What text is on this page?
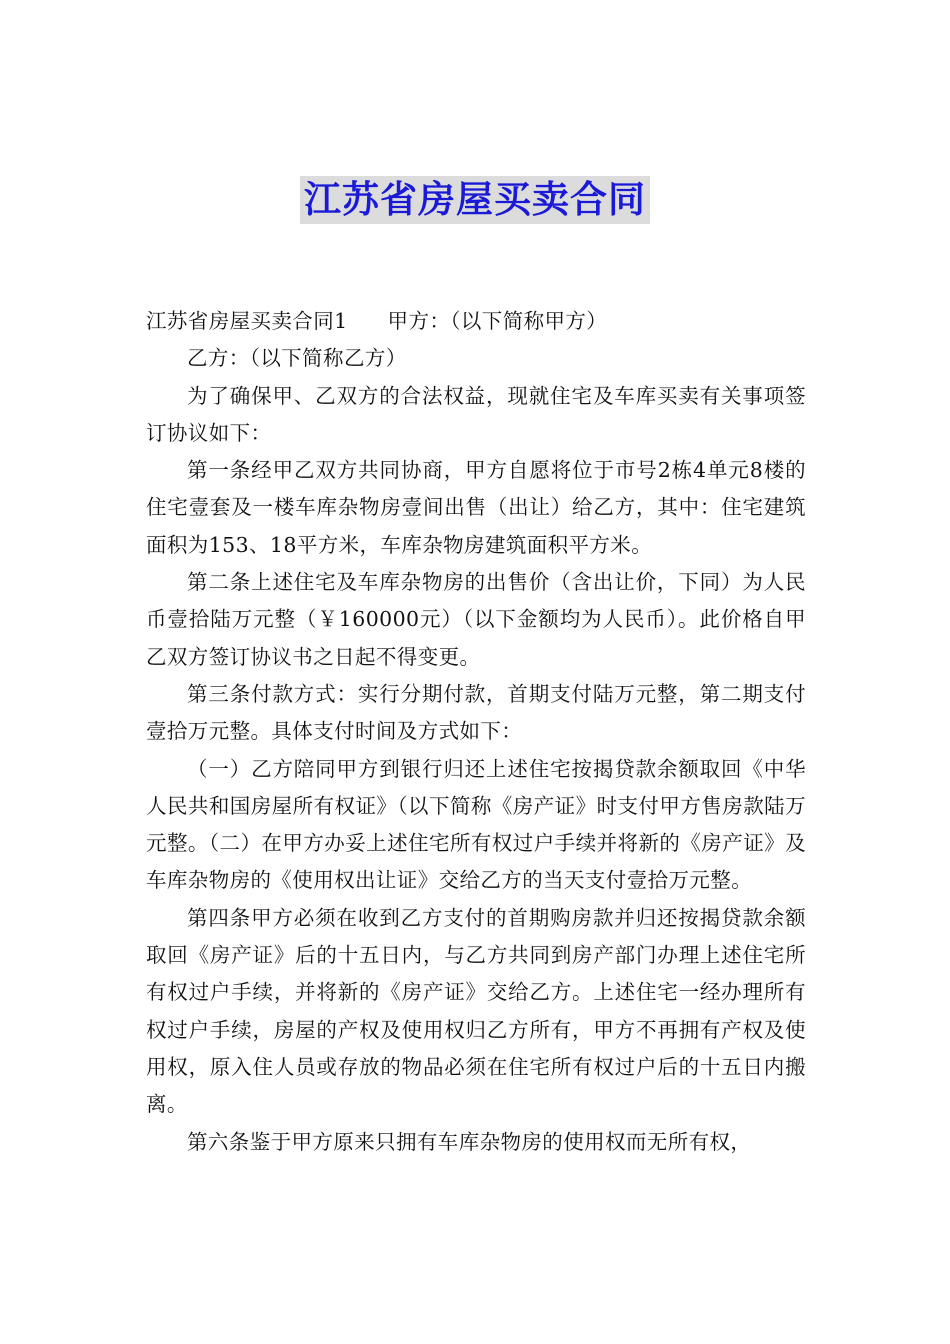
江苏省房屋买卖合同

江苏省房屋买卖合同1 甲方：（以下简称甲方）

乙方：（以下简称乙方）

为了确保甲、乙双方的合法权益，现就住宅及车库买卖有关事项签订协议如下：

第一条经甲乙双方共同协商，甲方自愿将位于市号2栋4单元8楼的住宅壹套及一楼车库杂物房壹间出售（出让）给乙方，其中：住宅建筑面积为153、18平方米，车库杂物房建筑面积平方米。

第二条上述住宅及车库杂物房的出售价（含出让价，下同）为人民币壹拾陆万元整（￥160000元）（以下金额均为人民币）。此价格自甲乙双方签订协议书之日起不得变更。

第三条付款方式：实行分期付款，首期支付陆万元整，第二期支付壹拾万元整。具体支付时间及方式如下：

（一）乙方陪同甲方到银行归还上述住宅按揭贷款余额取回《中华人民共和国房屋所有权证》（以下简称《房产证》时支付甲方售房款陆万元整。（二）在甲方办妥上述住宅所有权过户手续并将新的《房产证》及车库杂物房的《使用权出让证》交给乙方的当天支付壹拾万元整。

第四条甲方必须在收到乙方支付的首期购房款并归还按揭贷款余额取回《房产证》后的十五日内，与乙方共同到房产部门办理上述住宅所有权过户手续，并将新的《房产证》交给乙方。上述住宅一经办理所有权过户手续，房屋的产权及使用权归乙方所有，甲方不再拥有产权及使用权，原入住人员或存放的物品必须在住宅所有权过户后的十五日内搬离。

第六条鉴于甲方原来只拥有车库杂物房的使用权而无所有权，
